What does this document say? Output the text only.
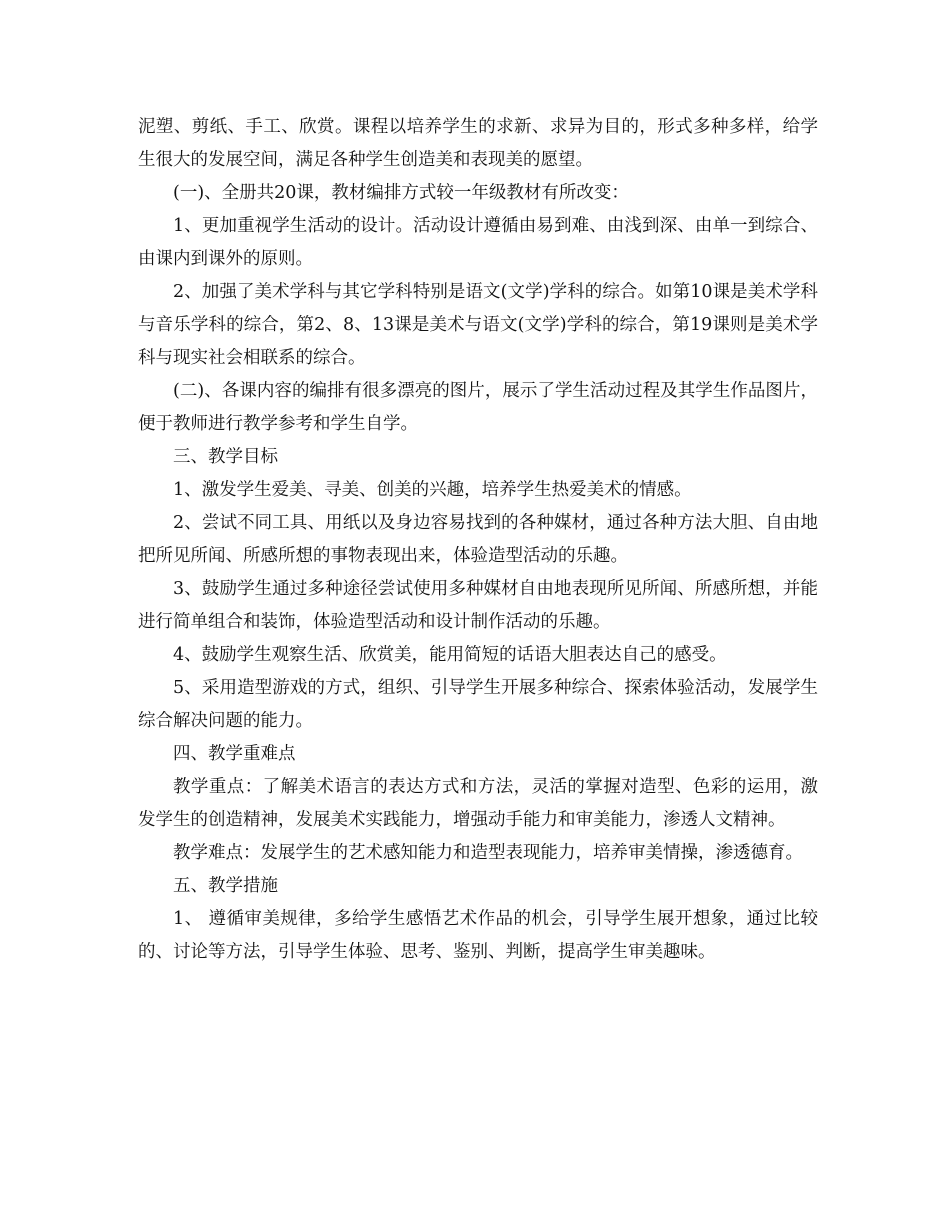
泥塑、剪纸、手工、欣赏。课程以培养学生的求新、求异为目的，形式多种多样，给学生很大的发展空间，满足各种学生创造美和表现美的愿望。

(一)、全册共20课，教材编排方式较一年级教材有所改变：

1、更加重视学生活动的设计。活动设计遵循由易到难、由浅到深、由单一到综合、由课内到课外的原则。

2、加强了美术学科与其它学科特别是语文(文学)学科的综合。如第10课是美术学科与音乐学科的综合，第2、8、13课是美术与语文(文学)学科的综合，第19课则是美术学科与现实社会相联系的综合。

(二)、各课内容的编排有很多漂亮的图片，展示了学生活动过程及其学生作品图片，便于教师进行教学参考和学生自学。

三、教学目标

1、激发学生爱美、寻美、创美的兴趣，培养学生热爱美术的情感。

2、尝试不同工具、用纸以及身边容易找到的各种媒材，通过各种方法大胆、自由地把所见所闻、所感所想的事物表现出来，体验造型活动的乐趣。

3、鼓励学生通过多种途径尝试使用多种媒材自由地表现所见所闻、所感所想，并能进行简单组合和装饰，体验造型活动和设计制作活动的乐趣。

4、鼓励学生观察生活、欣赏美，能用简短的话语大胆表达自己的感受。

5、采用造型游戏的方式，组织、引导学生开展多种综合、探索体验活动，发展学生综合解决问题的能力。

四、教学重难点

教学重点：了解美术语言的表达方式和方法，灵活的掌握对造型、色彩的运用，激发学生的创造精神，发展美术实践能力，增强动手能力和审美能力，渗透人文精神。

教学难点：发展学生的艺术感知能力和造型表现能力，培养审美情操，渗透德育。

五、教学措施

1、 遵循审美规律，多给学生感悟艺术作品的机会，引导学生展开想象，通过比较的、讨论等方法，引导学生体验、思考、鉴别、判断，提高学生审美趣味。
